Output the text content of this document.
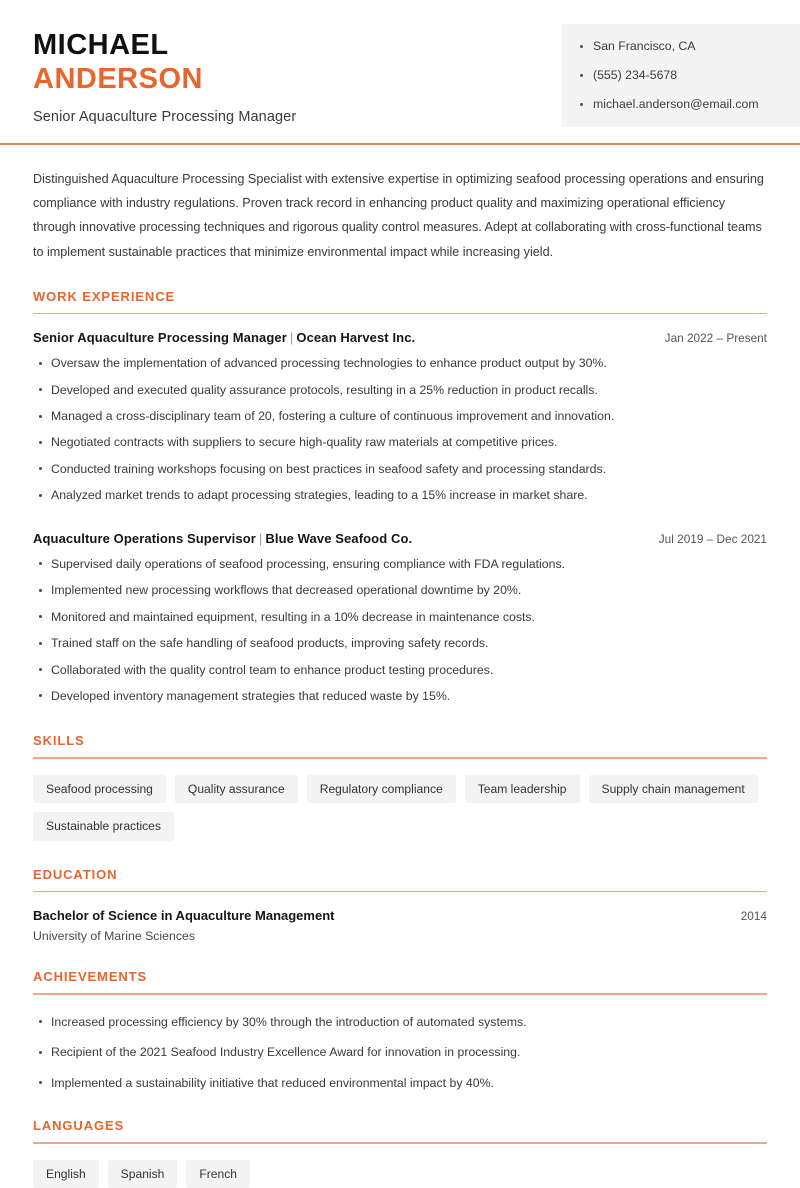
MICHAEL
ANDERSON
Senior Aquaculture Processing Manager
San Francisco, CA
(555) 234-5678
michael.anderson@email.com
Distinguished Aquaculture Processing Specialist with extensive expertise in optimizing seafood processing operations and ensuring compliance with industry regulations. Proven track record in enhancing product quality and maximizing operational efficiency through innovative processing techniques and rigorous quality control measures. Adept at collaborating with cross-functional teams to implement sustainable practices that minimize environmental impact while increasing yield.
WORK EXPERIENCE
Senior Aquaculture Processing Manager | Ocean Harvest Inc.	Jan 2022 – Present
Oversaw the implementation of advanced processing technologies to enhance product output by 30%.
Developed and executed quality assurance protocols, resulting in a 25% reduction in product recalls.
Managed a cross-disciplinary team of 20, fostering a culture of continuous improvement and innovation.
Negotiated contracts with suppliers to secure high-quality raw materials at competitive prices.
Conducted training workshops focusing on best practices in seafood safety and processing standards.
Analyzed market trends to adapt processing strategies, leading to a 15% increase in market share.
Aquaculture Operations Supervisor | Blue Wave Seafood Co.	Jul 2019 – Dec 2021
Supervised daily operations of seafood processing, ensuring compliance with FDA regulations.
Implemented new processing workflows that decreased operational downtime by 20%.
Monitored and maintained equipment, resulting in a 10% decrease in maintenance costs.
Trained staff on the safe handling of seafood products, improving safety records.
Collaborated with the quality control team to enhance product testing procedures.
Developed inventory management strategies that reduced waste by 15%.
SKILLS
Seafood processing	Quality assurance	Regulatory compliance	Team leadership	Supply chain management
Sustainable practices
EDUCATION
Bachelor of Science in Aquaculture Management	2014
University of Marine Sciences
ACHIEVEMENTS
Increased processing efficiency by 30% through the introduction of automated systems.
Recipient of the 2021 Seafood Industry Excellence Award for innovation in processing.
Implemented a sustainability initiative that reduced environmental impact by 40%.
LANGUAGES
English	Spanish	French
